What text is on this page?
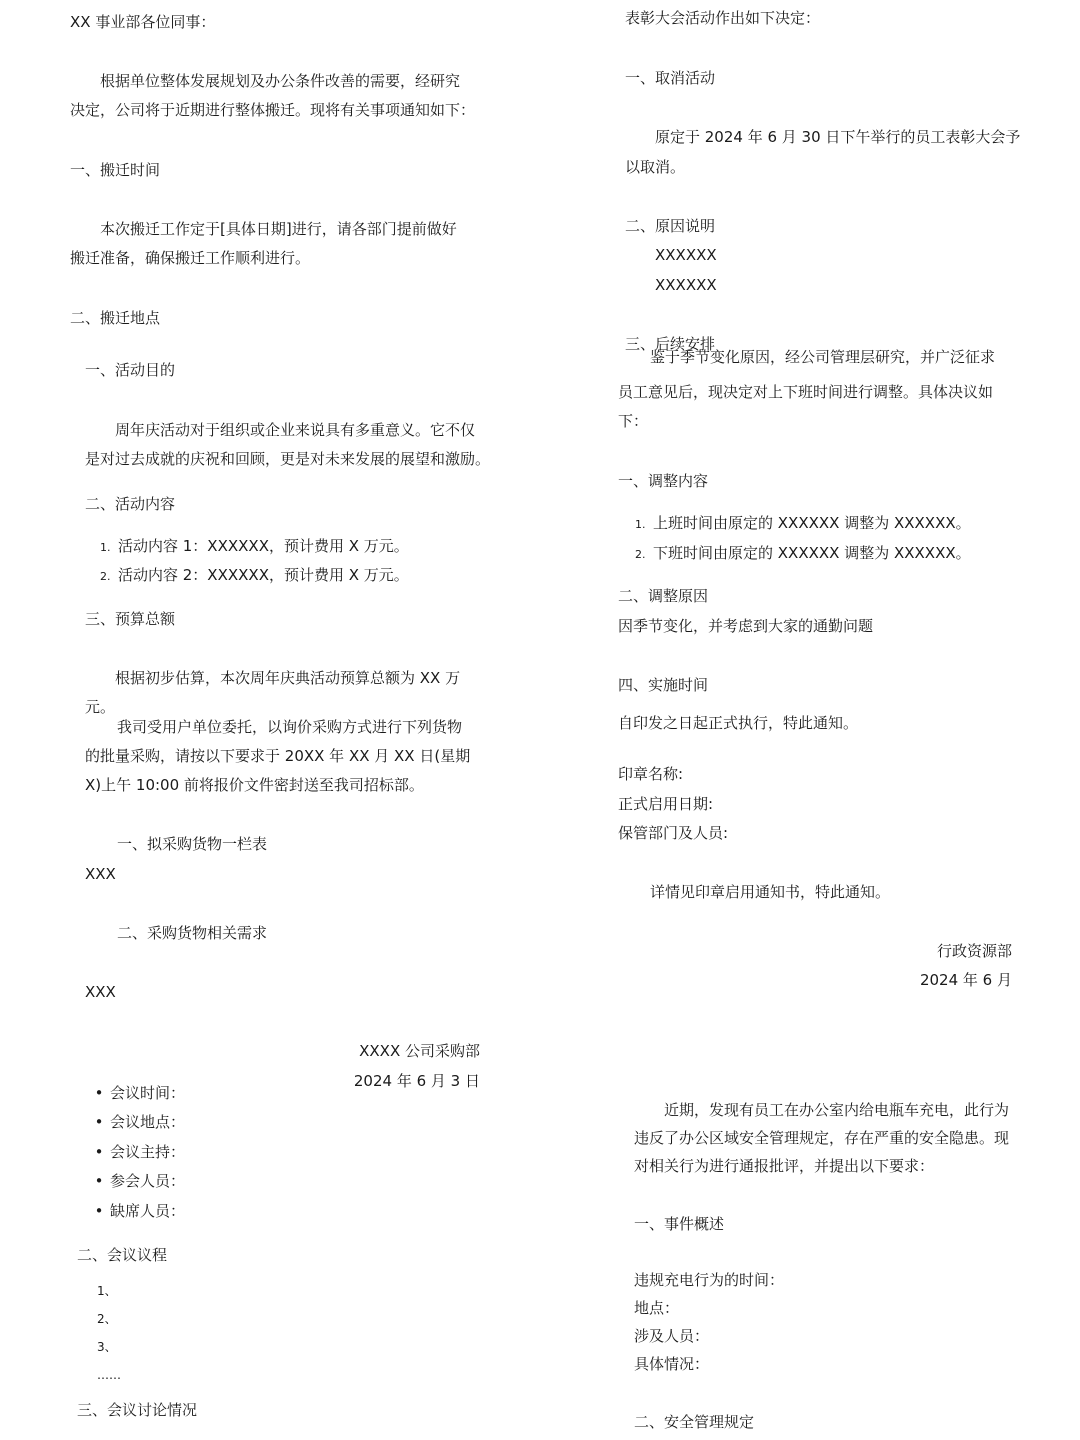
XX 事业部各位同事：
根据单位整体发展规划及办公条件改善的需要，经研究
决定，公司将于近期进行整体搬迁。现将有关事项通知如下：
一、搬迁时间
本次搬迁工作定于[具体日期]进行，请各部门提前做好
搬迁准备，确保搬迁工作顺利进行。
二、搬迁地点
一、活动目的
周年庆活动对于组织或企业来说具有多重意义。它不仅
是对过去成就的庆祝和回顾，更是对未来发展的展望和激励。
二、活动内容
1. 活动内容 1：XXXXXX，预计费用 X 万元。
2. 活动内容 2：XXXXXX，预计费用 X 万元。
三、预算总额
根据初步估算，本次周年庆典活动预算总额为 XX 万
元。
我司受用户单位委托，以询价采购方式进行下列货物
的批量采购，请按以下要求于 20XX 年 XX 月 XX 日(星期
X)上午 10:00 前将报价文件密封送至我司招标部。
一、拟采购货物一栏表
XXX
二、采购货物相关需求
XXX
XXXX 公司采购部
2024 年 6 月 3 日
• 会议时间：
• 会议地点：
• 会议主持：
• 参会人员：
• 缺席人员：
二、会议议程
1、
2、
3、
……
三、会议讨论情况
表彰大会活动作出如下决定：
一、取消活动
原定于 2024 年 6 月 30 日下午举行的员工表彰大会予
以取消。
二、原因说明
XXXXXX
XXXXXX
三、后续安排
鉴于季节变化原因，经公司管理层研究，并广泛征求
员工意见后，现决定对上下班时间进行调整。具体决议如
下：
一、调整内容
1. 上班时间由原定的 XXXXXX 调整为 XXXXXX。
2. 下班时间由原定的 XXXXXX 调整为 XXXXXX。
二、调整原因
因季节变化，并考虑到大家的通勤问题
四、实施时间
自印发之日起正式执行，特此通知。
印章名称:
正式启用日期:
保管部门及人员:
详情见印章启用通知书，特此通知。
行政资源部
2024 年 6 月
近期，发现有员工在办公室内给电瓶车充电，此行为
违反了办公区域安全管理规定，存在严重的安全隐患。现
对相关行为进行通报批评，并提出以下要求：
一、事件概述
违规充电行为的时间：
地点：
涉及人员：
具体情况：
二、安全管理规定
